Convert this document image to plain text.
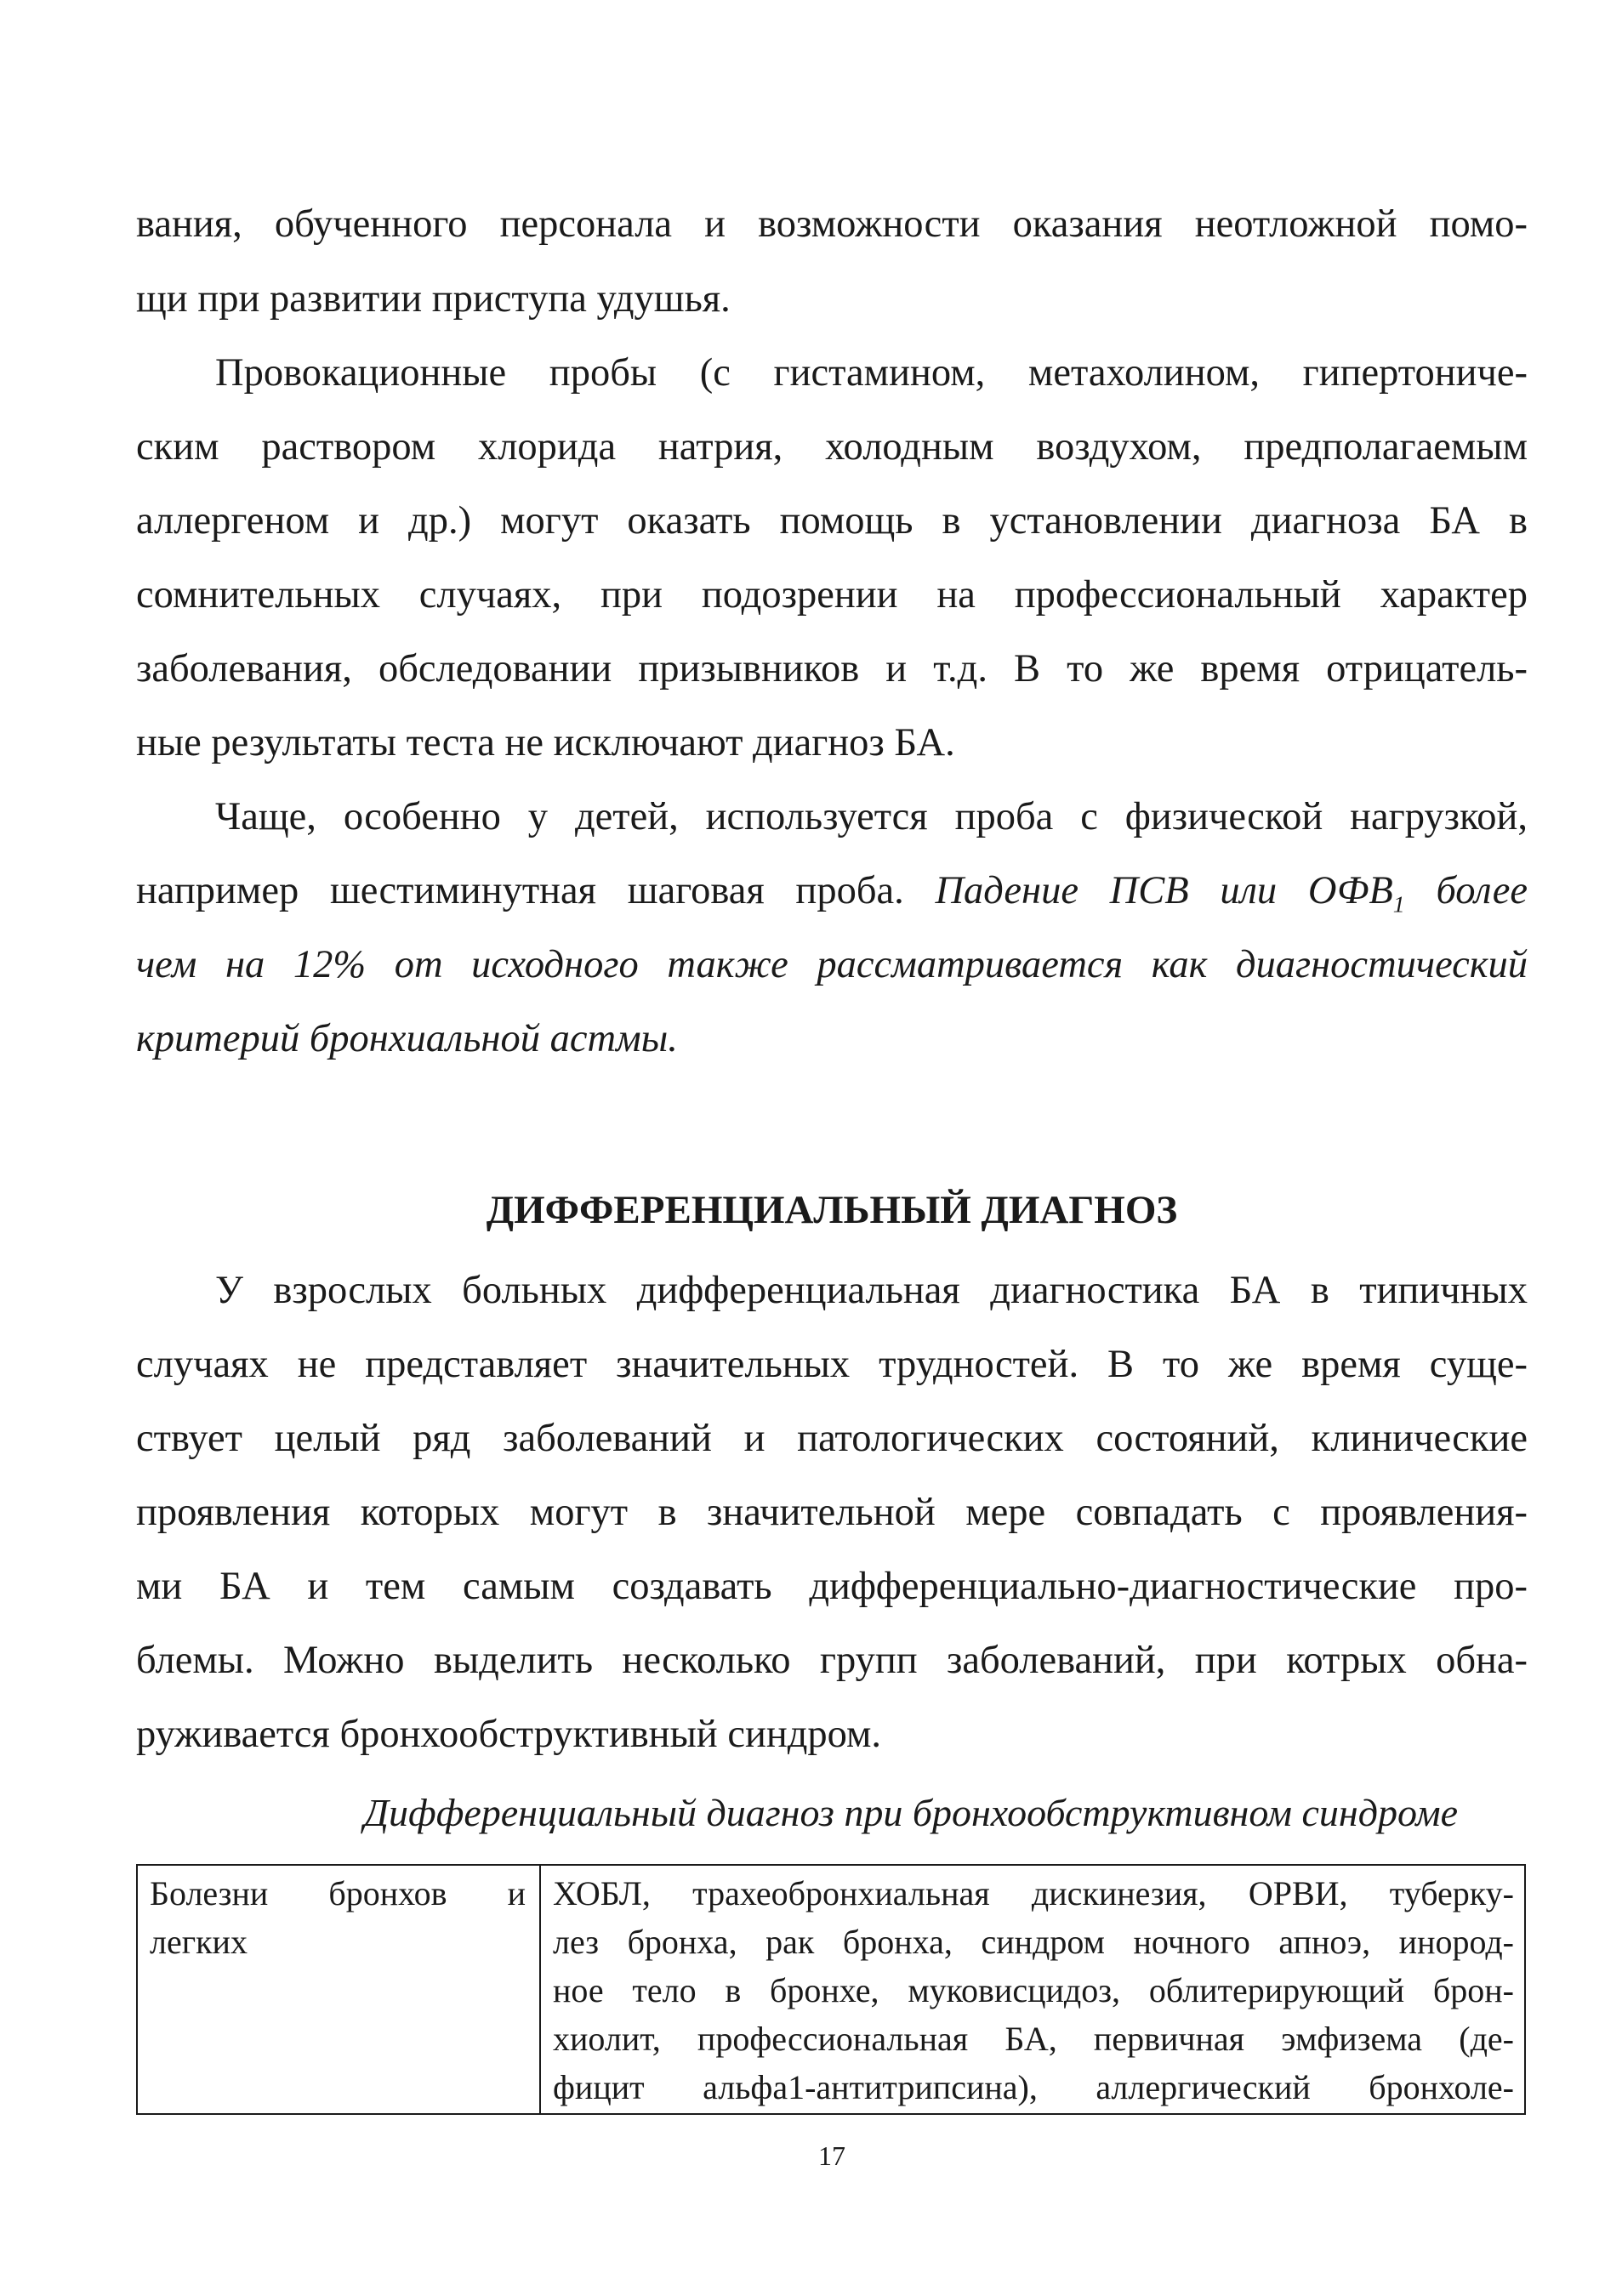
вания, обученного персонала и возможности оказания неотложной помо-
щи при развитии приступа удушья.
Провокационные пробы (с гистамином, метахолином, гипертониче-
ским раствором хлорида натрия, холодным воздухом, предполагаемым
аллергеном и др.) могут оказать помощь в установлении диагноза БА в
сомнительных случаях, при подозрении на профессиональный характер
заболевания, обследовании призывников и т.д. В то же время отрицатель-
ные результаты теста не исключают диагноз БА.
Чаще, особенно у детей, используется проба с физической нагрузкой,
например шестиминутная шаговая проба. Падение ПСВ или $ОФВ_1$ более
чем на 12% от исходного также рассматривается как диагностический
критерий бронхиальной астмы.
ДИФФЕРЕНЦИАЛЬНЫЙ ДИАГНОЗ
У взрослых больных дифференциальная диагностика БА в типичных
случаях не представляет значительных трудностей. В то же время суще-
ствует целый ряд заболеваний и патологических состояний, клинические
проявления которых могут в значительной мере совпадать с проявления-
ми БА и тем самым создавать дифференциально-диагностические про-
блемы. Можно выделить несколько групп заболеваний, при котрых обна-
руживается бронхообструктивный синдром.
Дифференциальный диагноз при бронхообструктивном синдроме
Болезни бронхов и
легких
ХОБЛ, трахеобронхиальная дискинезия, ОРВИ, туберку-
лез бронха, рак бронха, синдром ночного апноэ, инород-
ное тело в бронхе, муковисцидоз, облитерирующий брон-
хиолит, профессиональная БА, первичная эмфизема (де-
фицит альфа1-антитрипсина), аллергический бронхоле-
17
